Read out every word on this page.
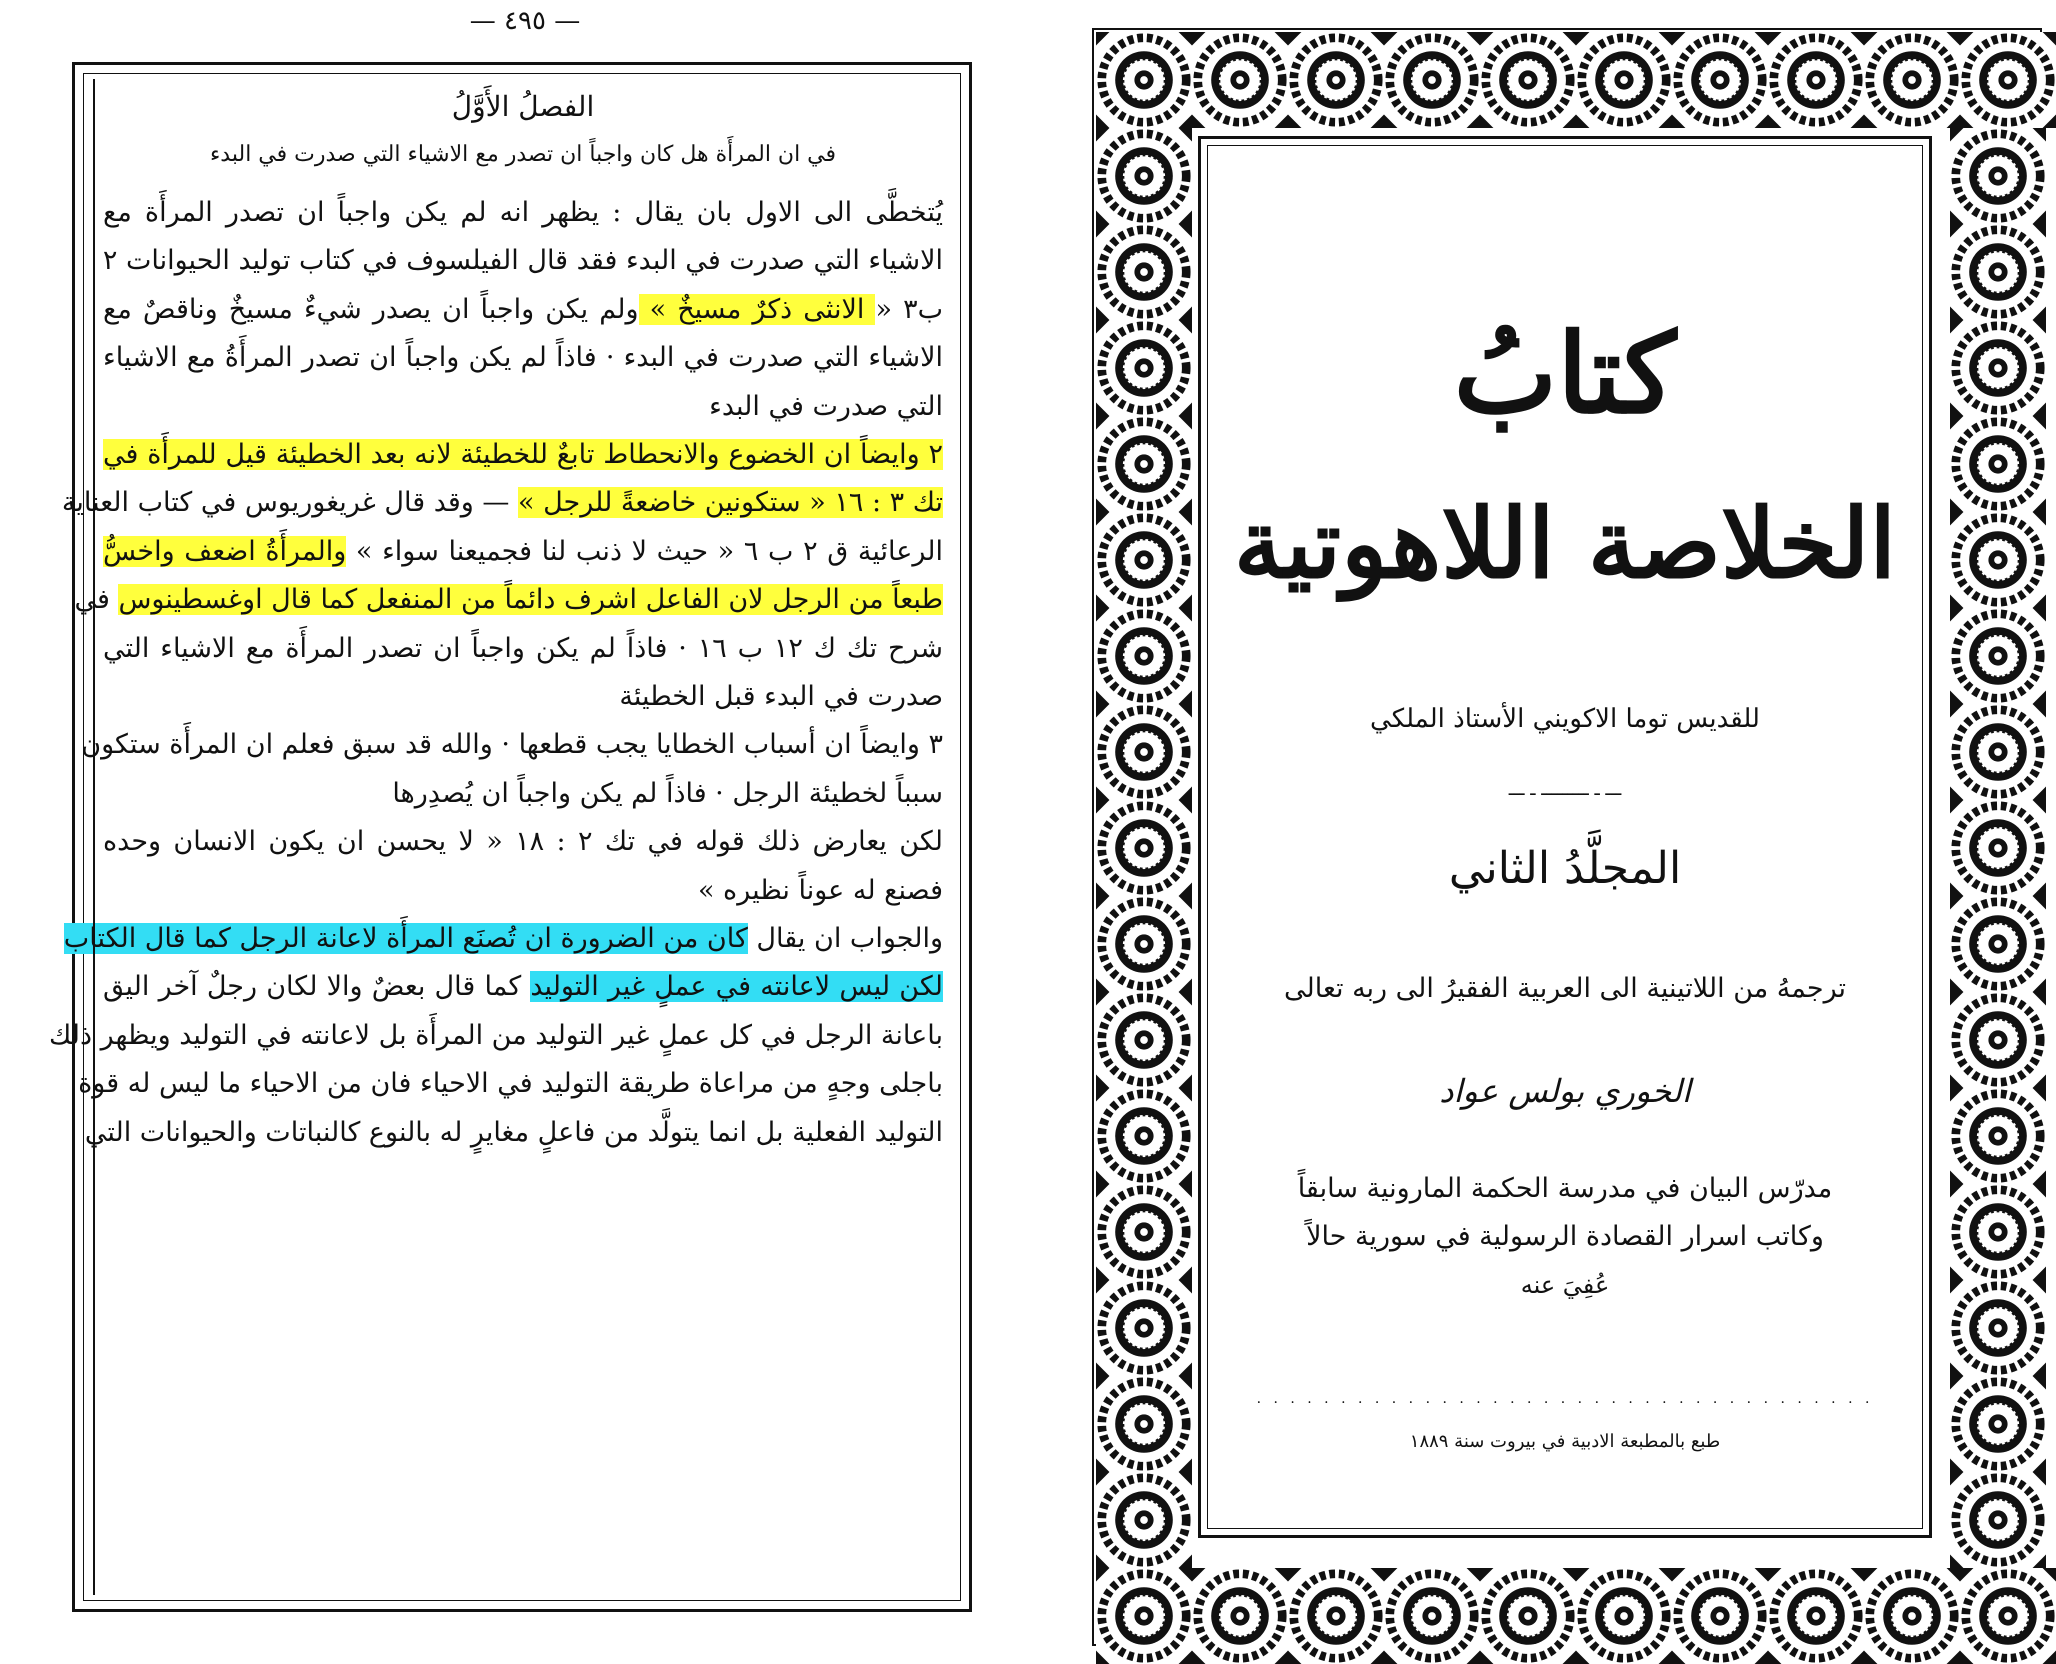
— ٤٩٥ —
الفصلُ الأَوَّلُ
في ان المرأَة هل كان واجباً ان تصدر مع الاشياء التي صدرت في البدء
يُتخطَّى الى الاول بان يقال : يظهر انه لم يكن واجباً ان تصدر المرأَة مع
الاشياء التي صدرت في البدء فقد قال الفيلسوف في كتاب توليد الحيوانات ٢
ب٣ « الانثى ذكرٌ مسيخٌ » ولم يكن واجباً ان يصدر شيءٌ مسيخٌ وناقصٌ مع
الاشياء التي صدرت في البدء · فاذاً لم يكن واجباً ان تصدر المرأَةُ مع الاشياء
التي صدرت في البدء
٢ وايضاً ان الخضوع والانحطاط تابعٌ للخطيئة لانه بعد الخطيئة قيل للمرأَة في
تك ٣ : ١٦ « ستكونين خاضعةً للرجل » — وقد قال غريغوريوس في كتاب العناية
الرعائية ق ٢ ب ٦ « حيث لا ذنب لنا فجميعنا سواء » والمرأَةُ اضعف واخسُّ
طبعاً من الرجل لان الفاعل اشرف دائماً من المنفعل كما قال اوغسطينوس في
شرح تك ك ١٢ ب ١٦ · فاذاً لم يكن واجباً ان تصدر المرأَة مع الاشياء التي
صدرت في البدء قبل الخطيئة
٣ وايضاً ان أسباب الخطايا يجب قطعها · والله قد سبق فعلم ان المرأَة ستكون
سبباً لخطيئة الرجل · فاذاً لم يكن واجباً ان يُصدِرها
لكن يعارض ذلك قوله في تك ٢ : ١٨ « لا يحسن ان يكون الانسان وحده
فصنع له عوناً نظيره »
والجواب ان يقال كان من الضرورة ان تُصنَع المرأَة لاعانة الرجل كما قال الكتاب
لكن ليس لاعانته في عملٍ غير التوليد كما قال بعضٌ والا لكان رجلٌ آخر اليق
باعانة الرجل في كل عملٍ غير التوليد من المرأَة بل لاعانته في التوليد ويظهر ذلك
باجلى وجهٍ من مراعاة طريقة التوليد في الاحياء فان من الاحياء ما ليس له قوة
التوليد الفعلية بل انما يتولَّد من فاعلٍ مغايرٍ له بالنوع كالنباتات والحيوانات التي
كتابُ
الخلاصة اللاهوتية
للقديس توما الاكويني الأستاذ الملكي
ـــ ـ ـــــــــ ـ ـــ
المجلَّدُ الثاني
ترجمهُ من اللاتينية الى العربية الفقيرُ الى ربه تعالى
الخوري بولس عواد
مدرّس البيان في مدرسة الحكمة المارونية سابقاً
وكاتب اسرار القصادة الرسولية في سورية حالاً
عُفِيَ عنه
· · · · · · · · · · · · · · · · · · · · · · · · · · · · · · · · · · · · ·
طبع بالمطبعة الادبية في بيروت سنة ١٨٨٩
